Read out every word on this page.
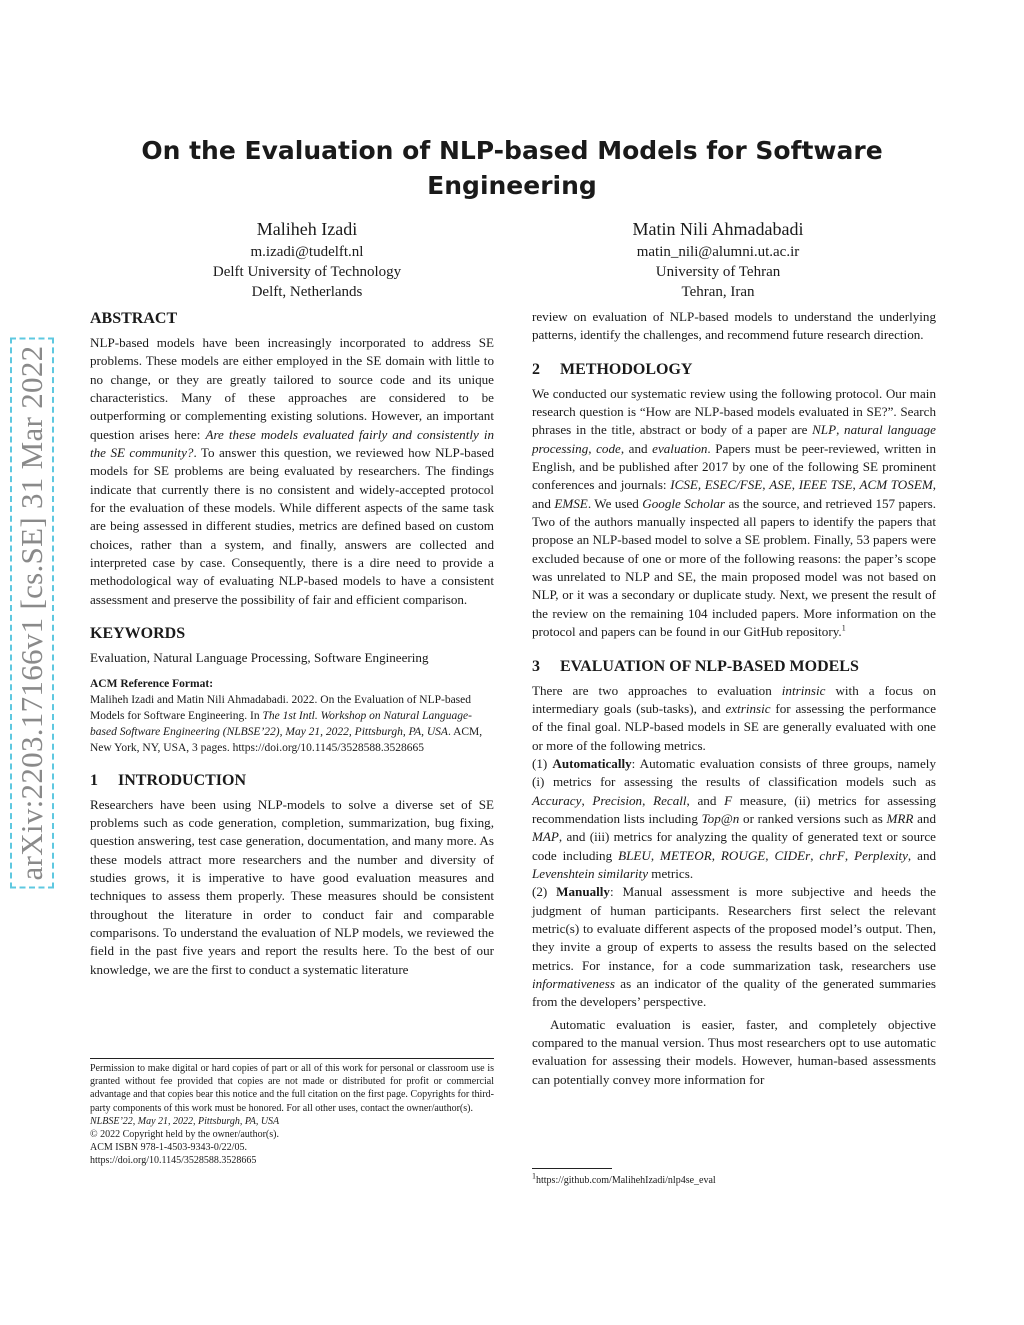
arXiv:2203.17166v1 [cs.SE] 31 Mar 2022
On the Evaluation of NLP-based Models for Software
Engineering
Maliheh Izadi
m.izadi@tudelft.nl
Delft University of Technology
Delft, Netherlands
Matin Nili Ahmadabadi
matin_nili@alumni.ut.ac.ir
University of Tehran
Tehran, Iran
ABSTRACT

NLP-based models have been increasingly incorporated to address SE problems. These models are either employed in the SE domain with little to no change, or they are greatly tailored to source code and its unique characteristics. Many of these approaches are considered to be outperforming or complementing existing solutions. However, an important question arises here: Are these models evaluated fairly and consistently in the SE community?. To answer this question, we reviewed how NLP-based models for SE problems are being evaluated by researchers. The findings indicate that currently there is no consistent and widely-accepted protocol for the evaluation of these models. While different aspects of the same task are being assessed in different studies, metrics are defined based on custom choices, rather than a system, and finally, answers are collected and interpreted case by case. Consequently, there is a dire need to provide a methodological way of evaluating NLP-based models to have a consistent assessment and preserve the possibility of fair and efficient comparison.

KEYWORDS

Evaluation, Natural Language Processing, Software Engineering

ACM Reference Format:
Maliheh Izadi and Matin Nili Ahmadabadi. 2022. On the Evaluation of NLP-based Models for Software Engineering. In The 1st Intl. Workshop on Natural Language-based Software Engineering (NLBSE’22), May 21, 2022, Pittsburgh, PA, USA. ACM, New York, NY, USA, 3 pages. https://doi.org/10.1145/3528588.3528665
1 INTRODUCTION

Researchers have been using NLP-models to solve a diverse set of SE problems such as code generation, completion, summarization, bug fixing, question answering, test case generation, documentation, and many more. As these models attract more researchers and the number and diversity of studies grows, it is imperative to have good evaluation measures and techniques to assess them properly. These measures should be consistent throughout the literature in order to conduct fair and comparable comparisons. To understand the evaluation of NLP models, we reviewed the field in the past five years and report the results here. To the best of our knowledge, we are the first to conduct a systematic literature

Permission to make digital or hard copies of part or all of this work for personal or classroom use is granted without fee provided that copies are not made or distributed for profit or commercial advantage and that copies bear this notice and the full citation on the first page. Copyrights for third-party components of this work must be honored. For all other uses, contact the owner/author(s).
NLBSE’22, May 21, 2022, Pittsburgh, PA, USA
© 2022 Copyright held by the owner/author(s).
ACM ISBN 978-1-4503-9343-0/22/05.
https://doi.org/10.1145/3528588.3528665

review on evaluation of NLP-based models to understand the underlying patterns, identify the challenges, and recommend future research direction.

2 METHODOLOGY

We conducted our systematic review using the following protocol. Our main research question is “How are NLP-based models evaluated in SE?”. Search phrases in the title, abstract or body of a paper are NLP, natural language processing, code, and evaluation. Papers must be peer-reviewed, written in English, and be published after 2017 by one of the following SE prominent conferences and journals: ICSE, ESEC/FSE, ASE, IEEE TSE, ACM TOSEM, and EMSE. We used Google Scholar as the source, and retrieved 157 papers. Two of the authors manually inspected all papers to identify the papers that propose an NLP-based model to solve a SE problem. Finally, 53 papers were excluded because of one or more of the following reasons: the paper’s scope was unrelated to NLP and SE, the main proposed model was not based on NLP, or it was a secondary or duplicate study. Next, we present the result of the review on the remaining 104 included papers. More information on the protocol and papers can be found in our GitHub repository.$^1$

3 EVALUATION OF NLP-BASED MODELS

There are two approaches to evaluation intrinsic with a focus on intermediary goals (sub-tasks), and extrinsic for assessing the performance of the final goal. NLP-based models in SE are generally evaluated with one or more of the following metrics.

(1) Automatically: Automatic evaluation consists of three groups, namely (i) metrics for assessing the results of classification models such as Accuracy, Precision, Recall, and F measure, (ii) metrics for assessing recommendation lists including Top@n or ranked versions such as MRR and MAP, and (iii) metrics for analyzing the quality of generated text or source code including BLEU, METEOR, ROUGE, CIDEr, chrF, Perplexity, and Levenshtein similarity metrics.

(2) Manually: Manual assessment is more subjective and heeds the judgment of human participants. Researchers first select the relevant metric(s) to evaluate different aspects of the proposed model’s output. Then, they invite a group of experts to assess the results based on the selected metrics. For instance, for a code summarization task, researchers use informativeness as an indicator of the quality of the generated summaries from the developers’ perspective.

Automatic evaluation is easier, faster, and completely objective compared to the manual version. Thus most researchers opt to use automatic evaluation for assessing their models. However, human-based assessments can potentially convey more information for

$^1$https://github.com/MalihehIzadi/nlp4se_eval
